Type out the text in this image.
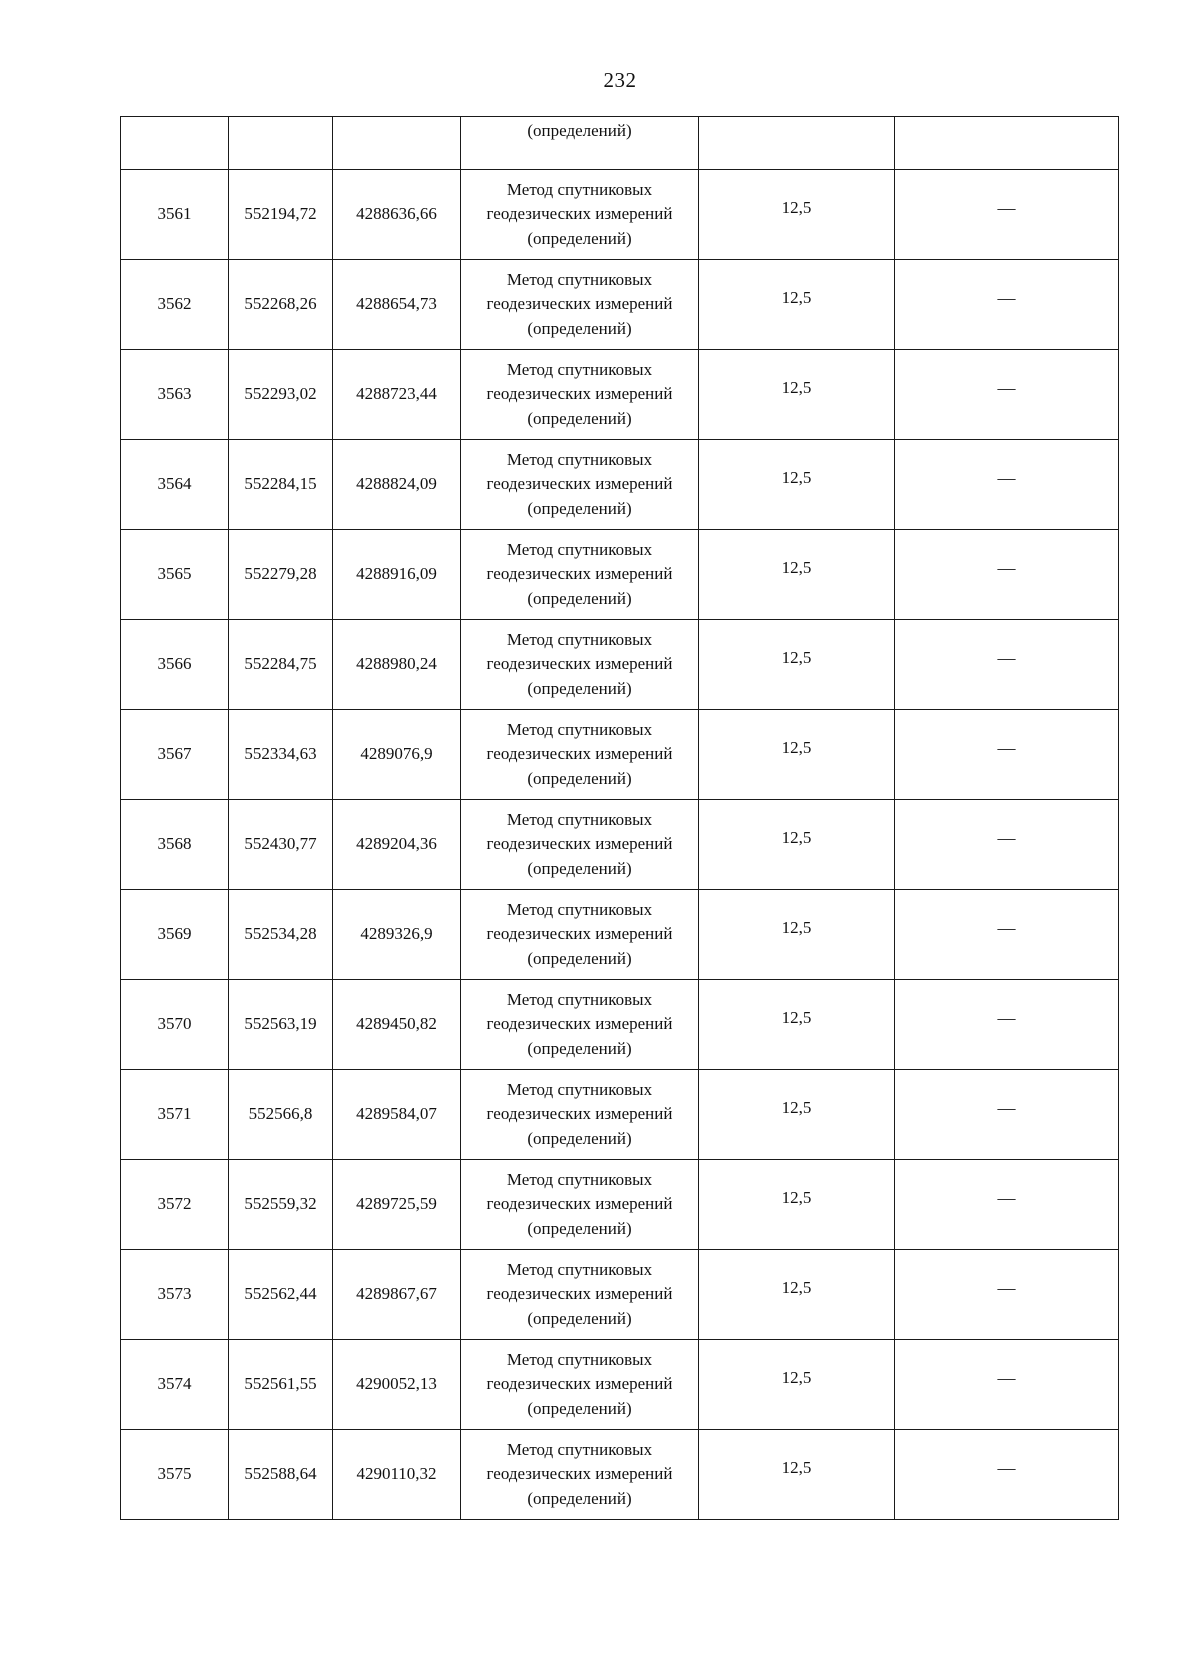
232
			(определений)		
3561	552194,72	4288636,66	Метод спутниковых
геодезических измерений
(определений)	12,5	—
3562	552268,26	4288654,73	Метод спутниковых
геодезических измерений
(определений)	12,5	—
3563	552293,02	4288723,44	Метод спутниковых
геодезических измерений
(определений)	12,5	—
3564	552284,15	4288824,09	Метод спутниковых
геодезических измерений
(определений)	12,5	—
3565	552279,28	4288916,09	Метод спутниковых
геодезических измерений
(определений)	12,5	—
3566	552284,75	4288980,24	Метод спутниковых
геодезических измерений
(определений)	12,5	—
3567	552334,63	4289076,9	Метод спутниковых
геодезических измерений
(определений)	12,5	—
3568	552430,77	4289204,36	Метод спутниковых
геодезических измерений
(определений)	12,5	—
3569	552534,28	4289326,9	Метод спутниковых
геодезических измерений
(определений)	12,5	—
3570	552563,19	4289450,82	Метод спутниковых
геодезических измерений
(определений)	12,5	—
3571	552566,8	4289584,07	Метод спутниковых
геодезических измерений
(определений)	12,5	—
3572	552559,32	4289725,59	Метод спутниковых
геодезических измерений
(определений)	12,5	—
3573	552562,44	4289867,67	Метод спутниковых
геодезических измерений
(определений)	12,5	—
3574	552561,55	4290052,13	Метод спутниковых
геодезических измерений
(определений)	12,5	—
3575	552588,64	4290110,32	Метод спутниковых
геодезических измерений
(определений)	12,5	—
